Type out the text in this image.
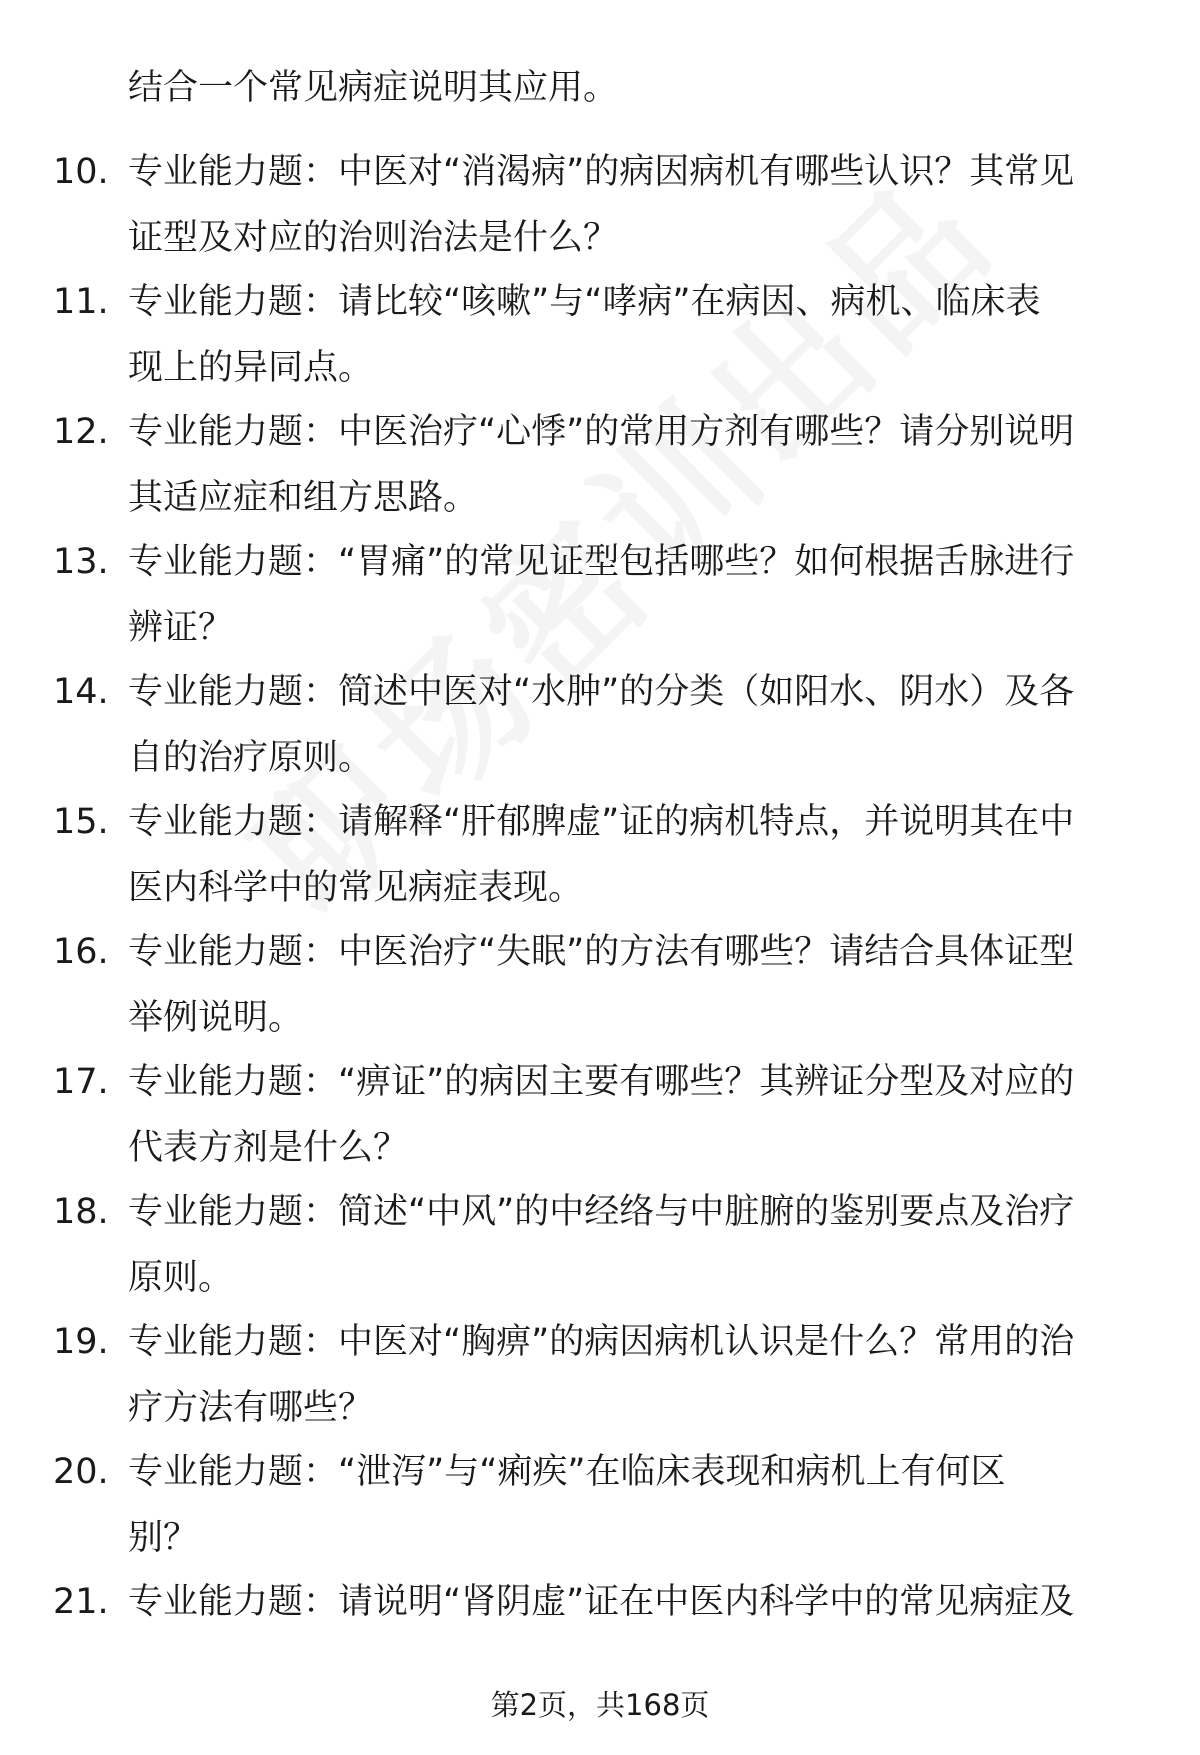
结合一个常见病症说明其应用。
10. 专业能力题：中医对“消渴病”的病因病机有哪些认识？其常见
证型及对应的治则治法是什么？
11. 专业能力题：请比较“咳嗽”与“哮病”在病因、病机、临床表
现上的异同点。
12. 专业能力题：中医治疗“心悸”的常用方剂有哪些？请分别说明
其适应症和组方思路。
13. 专业能力题：“胃痛”的常见证型包括哪些？如何根据舌脉进行
辨证？
14. 专业能力题：简述中医对“水肿”的分类（如阳水、阴水）及各
自的治疗原则。
15. 专业能力题：请解释“肝郁脾虚”证的病机特点，并说明其在中
医内科学中的常见病症表现。
16. 专业能力题：中医治疗“失眠”的方法有哪些？请结合具体证型
举例说明。
17. 专业能力题：“痹证”的病因主要有哪些？其辨证分型及对应的
代表方剂是什么？
18. 专业能力题：简述“中风”的中经络与中脏腑的鉴别要点及治疗
原则。
19. 专业能力题：中医对“胸痹”的病因病机认识是什么？常用的治
疗方法有哪些？
20. 专业能力题：“泄泻”与“痢疾”在临床表现和病机上有何区
别？
21. 专业能力题：请说明“肾阴虚”证在中医内科学中的常见病症及
第2页，共168页
